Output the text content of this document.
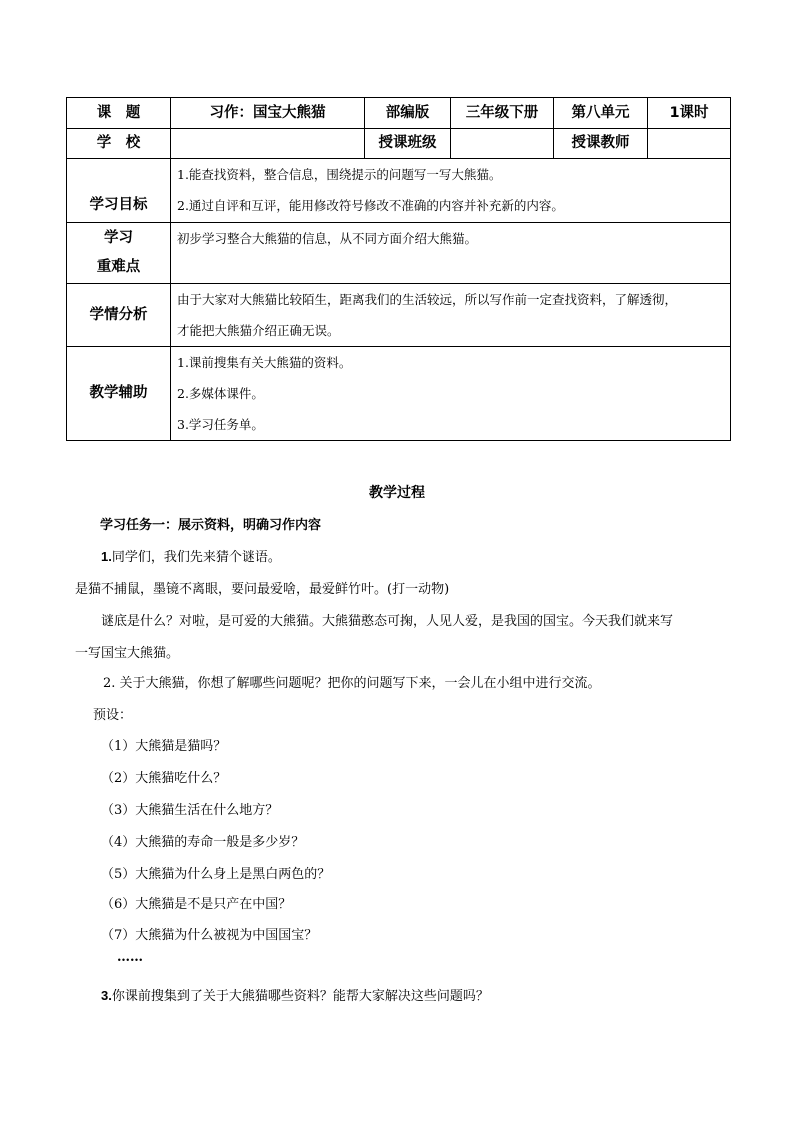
课　题	习作：国宝大熊猫	部编版	三年级下册	第八单元	1课时
学　校		授课班级		授课教师	
学习目标	1.能查找资料，整合信息，围绕提示的问题写一写大熊猫。
2.通过自评和互评，能用修改符号修改不准确的内容并补充新的内容。				

学习
重难点	初步学习整合大熊猫的信息，从不同方面介绍大熊猫。				

学情分析	由于大家对大熊猫比较陌生，距离我们的生活较远，所以写作前一定查找资料，了解透彻，
才能把大熊猫介绍正确无误。				

教学辅助	1.课前搜集有关大熊猫的资料。
2.多媒体课件。
3.学习任务单。				
教学过程
学习任务一：展示资料，明确习作内容
1.同学们，我们先来猜个谜语。
是猫不捕鼠，墨镜不离眼，要问最爱啥，最爱鲜竹叶。(打一动物)
谜底是什么？对啦，是可爱的大熊猫。大熊猫憨态可掬，人见人爱，是我国的国宝。今天我们就来写
一写国宝大熊猫。
2. 关于大熊猫，你想了解哪些问题呢？把你的问题写下来，一会儿在小组中进行交流。
预设：
（1）大熊猫是猫吗？
（2）大熊猫吃什么？
（3）大熊猫生活在什么地方？
（4）大熊猫的寿命一般是多少岁？
（5）大熊猫为什么身上是黑白两色的？
（6）大熊猫是不是只产在中国？
（7）大熊猫为什么被视为中国国宝？
……
3.你课前搜集到了关于大熊猫哪些资料？能帮大家解决这些问题吗？
